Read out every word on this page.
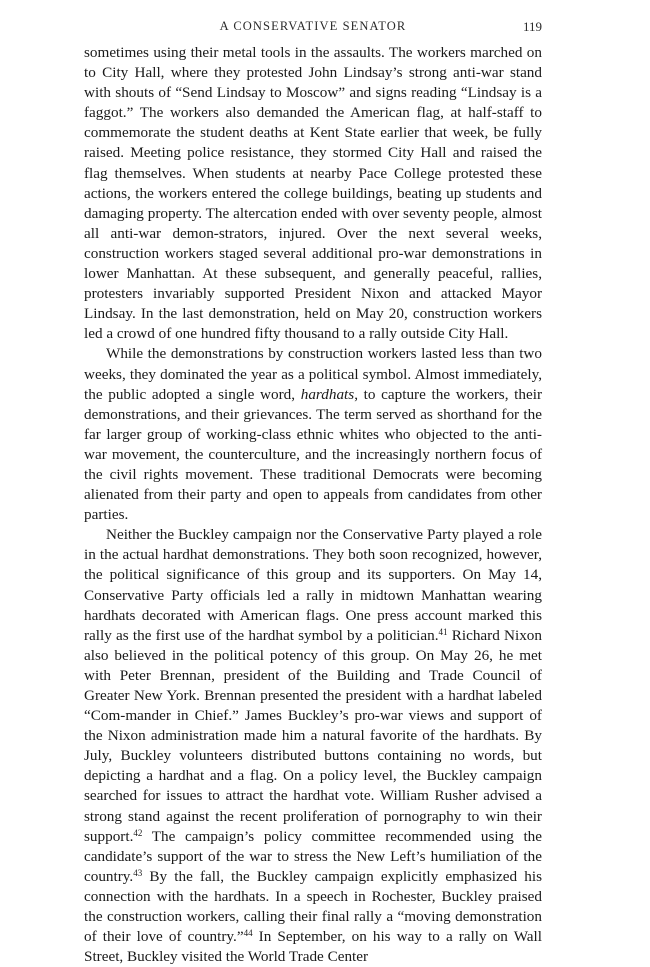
A CONSERVATIVE SENATOR	119

sometimes using their metal tools in the assaults. The workers marched on to City Hall, where they protested John Lindsay’s strong anti-war stand with shouts of “Send Lindsay to Moscow” and signs reading “Lindsay is a faggot.” The workers also demanded the American flag, at half-staff to commemorate the student deaths at Kent State earlier that week, be fully raised. Meeting police resistance, they stormed City Hall and raised the flag themselves. When students at nearby Pace College protested these actions, the workers entered the college buildings, beating up students and damaging property. The altercation ended with over seventy people, almost all anti-war demon-strators, injured. Over the next several weeks, construction workers staged several additional pro-war demonstrations in lower Manhattan. At these subsequent, and generally peaceful, rallies, protesters invariably supported President Nixon and attacked Mayor Lindsay. In the last demonstration, held on May 20, construction workers led a crowd of one hundred fifty thousand to a rally outside City Hall.

While the demonstrations by construction workers lasted less than two weeks, they dominated the year as a political symbol. Almost immediately, the public adopted a single word, hardhats, to capture the workers, their demonstrations, and their grievances. The term served as shorthand for the far larger group of working-class ethnic whites who objected to the anti-war movement, the counterculture, and the increasingly northern focus of the civil rights movement. These traditional Democrats were becoming alienated from their party and open to appeals from candidates from other parties.

Neither the Buckley campaign nor the Conservative Party played a role in the actual hardhat demonstrations. They both soon recognized, however, the political significance of this group and its supporters. On May 14, Conservative Party officials led a rally in midtown Manhattan wearing hardhats decorated with American flags. One press account marked this rally as the first use of the hardhat symbol by a politician.$^{41}$ Richard Nixon also believed in the political potency of this group. On May 26, he met with Peter Brennan, president of the Building and Trade Council of Greater New York. Brennan presented the president with a hardhat labeled “Com-mander in Chief.” James Buckley’s pro-war views and support of the Nixon administration made him a natural favorite of the hardhats. By July, Buckley volunteers distributed buttons containing no words, but depicting a hardhat and a flag. On a policy level, the Buckley campaign searched for issues to attract the hardhat vote. William Rusher advised a strong stand against the recent proliferation of pornography to win their support.$^{42}$ The campaign’s policy committee recommended using the candidate’s support of the war to stress the New Left’s humiliation of the country.$^{43}$ By the fall, the Buckley campaign explicitly emphasized his connection with the hardhats. In a speech in Rochester, Buckley praised the construction workers, calling their final rally a “moving demonstration of their love of country.”$^{44}$ In September, on his way to a rally on Wall Street, Buckley visited the World Trade Center
